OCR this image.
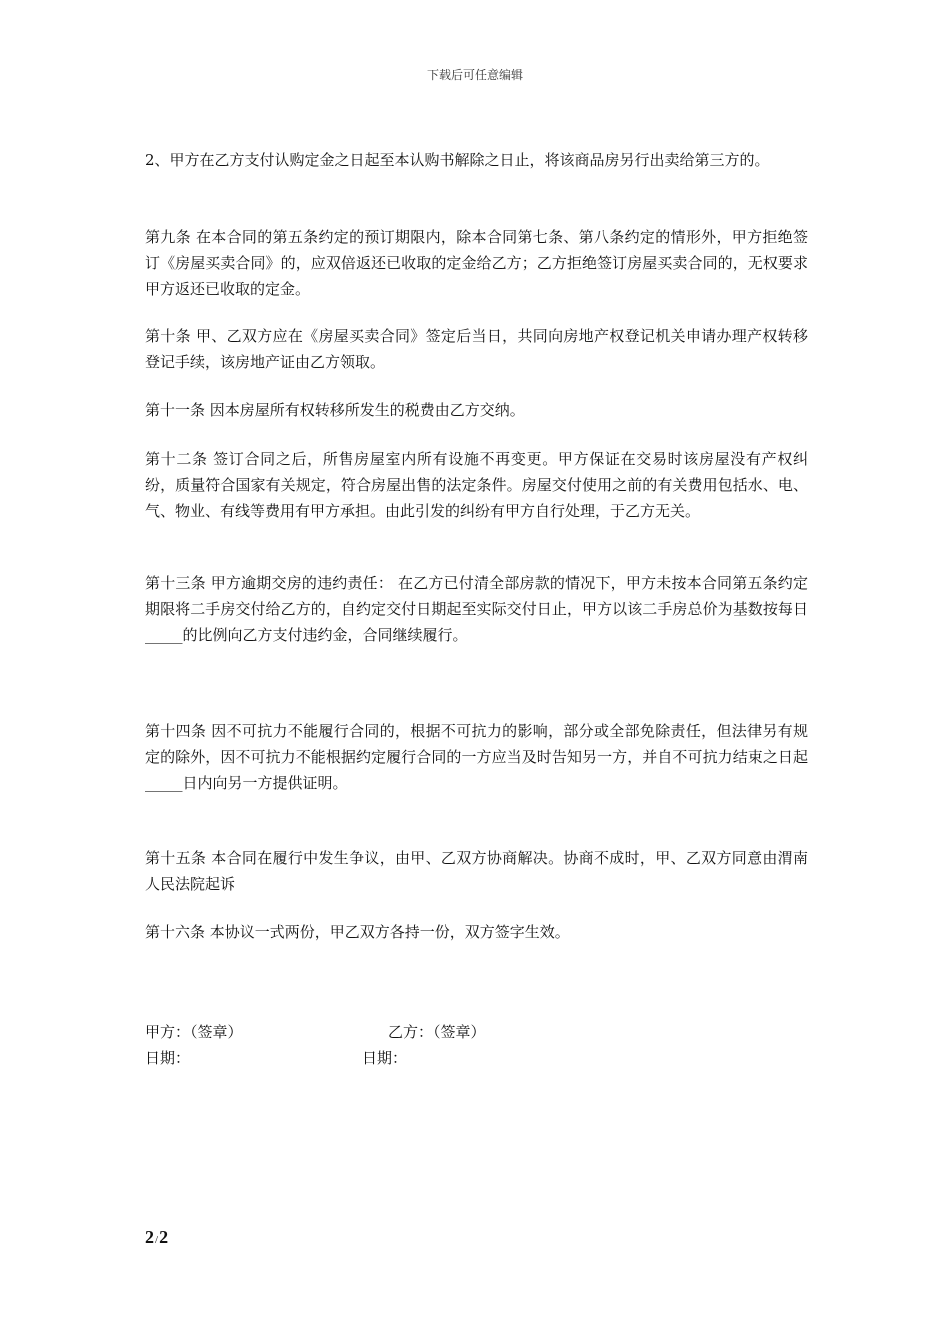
下载后可任意编辑

2、甲方在乙方支付认购定金之日起至本认购书解除之日止，将该商品房另行出卖给第三方的。

第九条 在本合同的第五条约定的预订期限内，除本合同第七条、第八条约定的情形外，甲方拒绝签订《房屋买卖合同》的，应双倍返还已收取的定金给乙方；乙方拒绝签订房屋买卖合同的，无权要求甲方返还已收取的定金。

第十条 甲、乙双方应在《房屋买卖合同》签定后当日，共同向房地产权登记机关申请办理产权转移登记手续，该房地产证由乙方领取。

第十一条 因本房屋所有权转移所发生的税费由乙方交纳。

第十二条 签订合同之后，所售房屋室内所有设施不再变更。甲方保证在交易时该房屋没有产权纠纷，质量符合国家有关规定，符合房屋出售的法定条件。房屋交付使用之前的有关费用包括水、电、气、物业、有线等费用有甲方承担。由此引发的纠纷有甲方自行处理，于乙方无关。

第十三条 甲方逾期交房的违约责任： 在乙方已付清全部房款的情况下，甲方未按本合同第五条约定期限将二手房交付给乙方的，自约定交付日期起至实际交付日止，甲方以该二手房总价为基数按每日_____的比例向乙方支付违约金，合同继续履行。

第十四条 因不可抗力不能履行合同的，根据不可抗力的影响，部分或全部免除责任，但法律另有规定的除外，因不可抗力不能根据约定履行合同的一方应当及时告知另一方，并自不可抗力结束之日起_____日内向另一方提供证明。

第十五条 本合同在履行中发生争议，由甲、乙双方协商解决。协商不成时，甲、乙双方同意由渭南人民法院起诉

第十六条 本协议一式两份，甲乙双方各持一份，双方签字生效。

甲方：（签章）	乙方：（签章）
日期：	日期：
2/2
